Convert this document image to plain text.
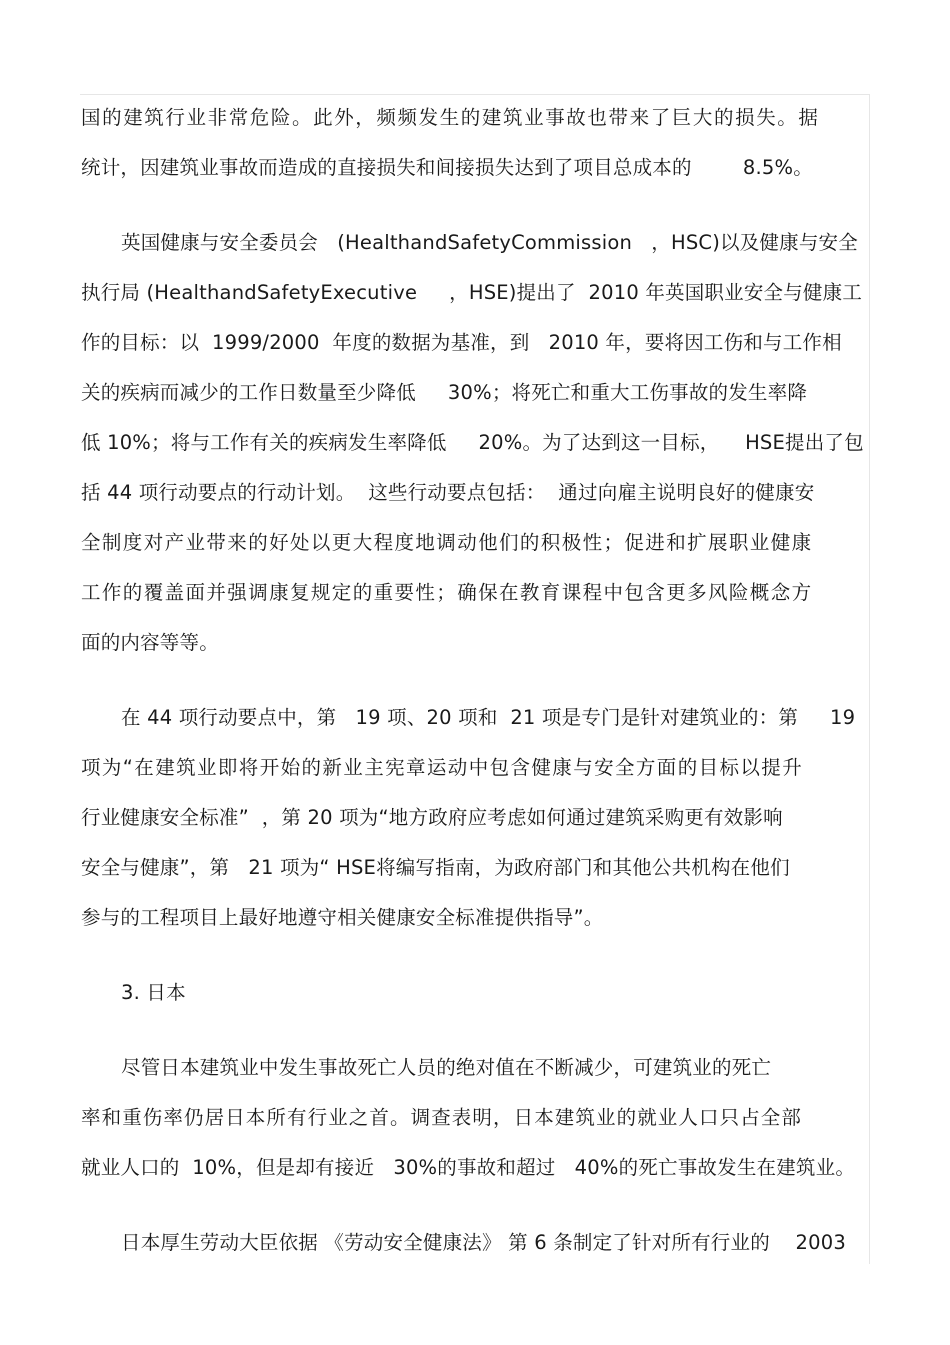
国的建筑行业非常危险。此外，频频发生的建筑业事故也带来了巨大的损失。据
统计，因建筑业事故而造成的直接损失和间接损失达到了项目总成本的        8.5%。
英国健康与安全委员会   (HealthandSafetyCommission   ，HSC)以及健康与安全
执行局 (HealthandSafetyExecutive     ，HSE)提出了  2010 年英国职业安全与健康工
作的目标：以  1999/2000  年度的数据为基准，到   2010 年，要将因工伤和与工作相
关的疾病而减少的工作日数量至少降低     30%；将死亡和重大工伤事故的发生率降
低 10%；将与工作有关的疾病发生率降低     20%。为了达到这一目标，    HSE提出了包
括 44 项行动要点的行动计划。  这些行动要点包括：  通过向雇主说明良好的健康安
全制度对产业带来的好处以更大程度地调动他们的积极性；促进和扩展职业健康
工作的覆盖面并强调康复规定的重要性；确保在教育课程中包含更多风险概念方
面的内容等等。
在 44 项行动要点中，第   19 项、20 项和  21 项是专门是针对建筑业的：第     19
项为“在建筑业即将开始的新业主宪章运动中包含健康与安全方面的目标以提升
行业健康安全标准”  ，第 20 项为“地方政府应考虑如何通过建筑采购更有效影响
安全与健康”，第   21 项为“ HSE将编写指南，为政府部门和其他公共机构在他们
参与的工程项目上最好地遵守相关健康安全标准提供指导”。
3. 日本
尽管日本建筑业中发生事故死亡人员的绝对值在不断减少，可建筑业的死亡
率和重伤率仍居日本所有行业之首。调查表明，日本建筑业的就业人口只占全部
就业人口的  10%，但是却有接近   30%的事故和超过   40%的死亡事故发生在建筑业。
日本厚生劳动大臣依据 《劳动安全健康法》 第 6 条制定了针对所有行业的    2003
